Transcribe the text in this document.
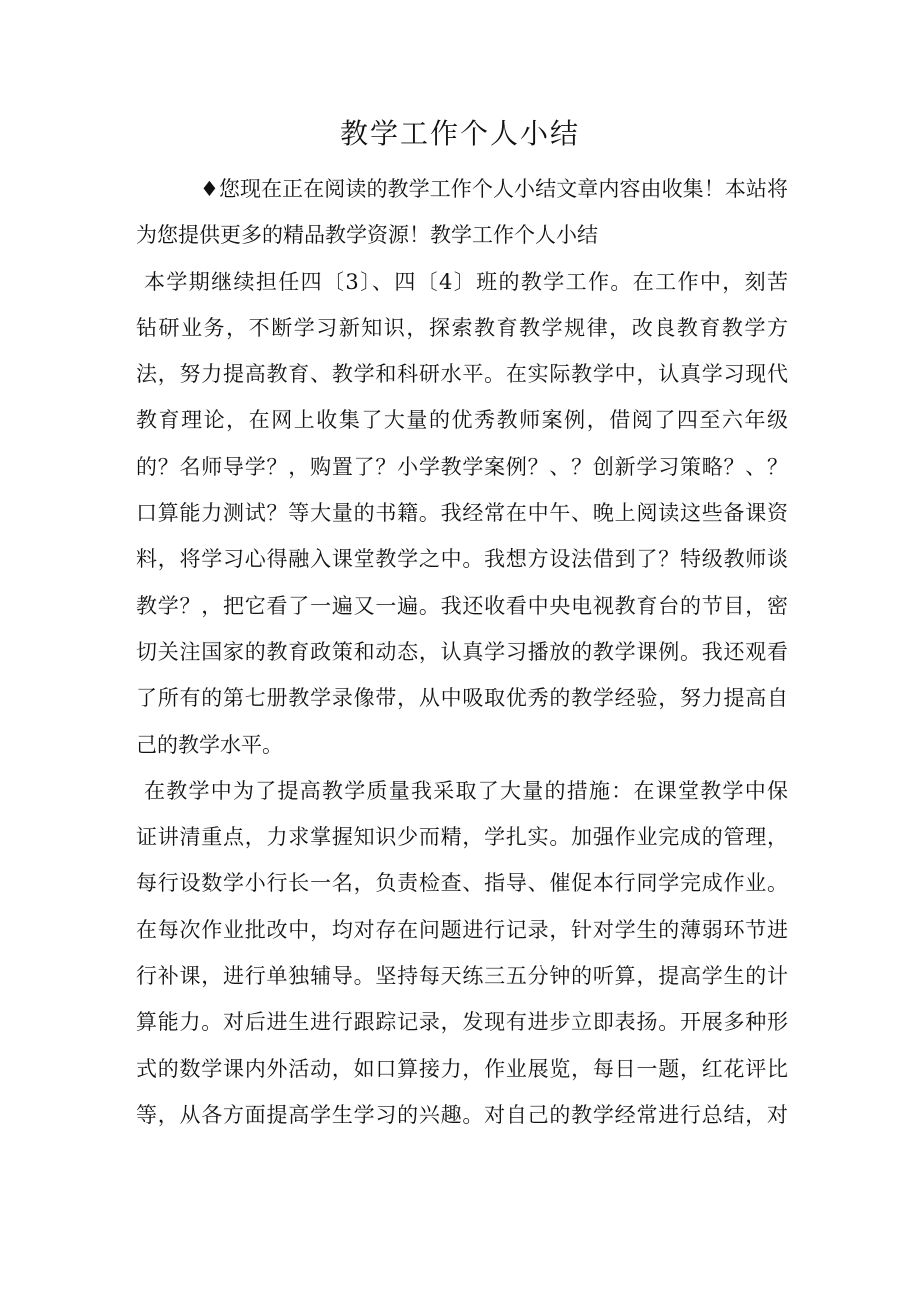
教学工作个人小结
♦您现在正在阅读的教学工作个人小结文章内容由收集！本站将
为您提供更多的精品教学资源！教学工作个人小结
本学期继续担任四〔3〕、四〔4〕班的教学工作。在工作中，刻苦
钻研业务，不断学习新知识，探索教育教学规律，改良教育教学方
法，努力提高教育、教学和科研水平。在实际教学中，认真学习现代
教育理论，在网上收集了大量的优秀教师案例，借阅了四至六年级
的？名师导学？，购置了？小学教学案例？、？创新学习策略？、？
口算能力测试？等大量的书籍。我经常在中午、晚上阅读这些备课资
料，将学习心得融入课堂教学之中。我想方设法借到了？特级教师谈
教学？，把它看了一遍又一遍。我还收看中央电视教育台的节目，密
切关注国家的教育政策和动态，认真学习播放的教学课例。我还观看
了所有的第七册教学录像带，从中吸取优秀的教学经验，努力提高自
己的教学水平。
在教学中为了提高教学质量我采取了大量的措施：在课堂教学中保
证讲清重点，力求掌握知识少而精，学扎实。加强作业完成的管理，
每行设数学小行长一名，负责检查、指导、催促本行同学完成作业。
在每次作业批改中，均对存在问题进行记录，针对学生的薄弱环节进
行补课，进行单独辅导。坚持每天练三五分钟的听算，提高学生的计
算能力。对后进生进行跟踪记录，发现有进步立即表扬。开展多种形
式的数学课内外活动，如口算接力，作业展览，每日一题，红花评比
等，从各方面提高学生学习的兴趣。对自己的教学经常进行总结，对
